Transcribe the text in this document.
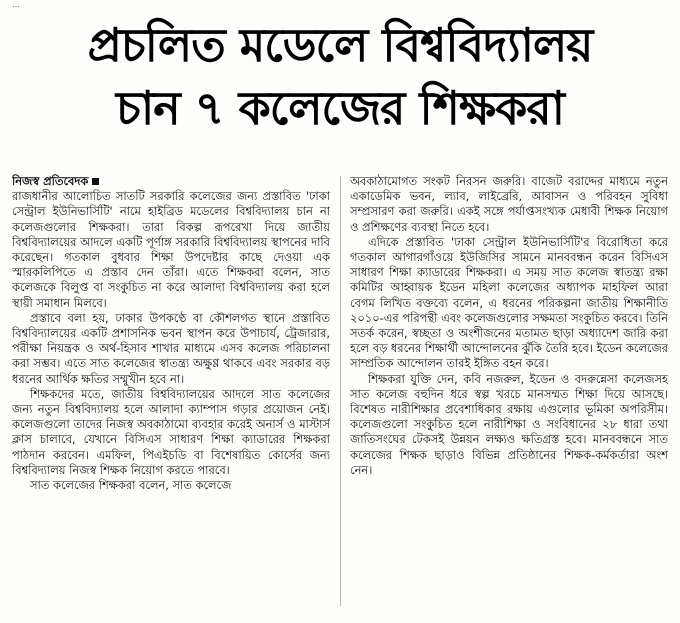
…
প্রচলিত মডেলে বিশ্ববিদ্যালয়
চান ৭ কলেজের শিক্ষকরা

নিজস্ব প্রতিবেদক

রাজধানীর আলোচিত সাতটি সরকারি কলেজের জন্য প্রস্তাবিত 'ঢাকা সেন্ট্রাল ইউনিভার্সিটি' নামে হাইব্রিড মডেলের বিশ্ববিদ্যালয় চান না কলেজগুলোর শিক্ষকরা। তারা বিকল্প রূপরেখা দিয়ে জাতীয় বিশ্ববিদ্যালয়ের আদলে একটি পূর্ণাঙ্গ সরকারি বিশ্ববিদ্যালয় স্থাপনের দাবি করেছেন। গতকাল বুধবার শিক্ষা উপদেষ্টার কাছে দেওয়া এক স্মারকলিপিতে এ প্রস্তাব দেন তাঁরা। এতে শিক্ষকরা বলেন, সাত কলেজকে বিলুপ্ত বা সংকুচিত না করে আলাদা বিশ্ববিদ্যালয় করা হলে স্থায়ী সমাধান মিলবে।

প্রস্তাবে বলা হয়, ঢাকার উপকণ্ঠে বা কৌশলগত স্থানে প্রস্তাবিত বিশ্ববিদ্যালয়ের একটি প্রশাসনিক ভবন স্থাপন করে উপাচার্য, ট্রেজারার, পরীক্ষা নিয়ন্ত্রক ও অর্থ-হিসাব শাখার মাধ্যমে এসব কলেজ পরিচালনা করা সম্ভব। এতে সাত কলেজের স্বাতন্ত্র্য অক্ষুণ্ণ থাকবে এবং সরকার বড় ধরনের আর্থিক ক্ষতির সম্মুখীন হবে না।

শিক্ষকদের মতে, জাতীয় বিশ্ববিদ্যালয়ের আদলে সাত কলেজের জন্য নতুন বিশ্ববিদ্যালয় হলে আলাদা ক্যাম্পাস গড়ার প্রয়োজন নেই। কলেজগুলো তাদের নিজস্ব অবকাঠামো ব্যবহার করেই অনার্স ও মাস্টার্স ক্লাস চালাবে, যেখানে বিসিএস সাধারণ শিক্ষা ক্যাডারের শিক্ষকরা পাঠদান করবেন। এমফিল, পিএইচডি বা বিশেষায়িত কোর্সের জন্য বিশ্ববিদ্যালয় নিজস্ব শিক্ষক নিয়োগ করতে পারবে।

সাত কলেজের শিক্ষকরা বলেন, সাত কলেজে

অবকাঠামোগত সংকট নিরসন জরুরি। বাজেট বরাদ্দের মাধ্যমে নতুন একাডেমিক ভবন, ল্যাব, লাইব্রেরি, আবাসন ও পরিবহন সুবিধা সম্প্রসারণ করা জরুরি। একই সঙ্গে পর্যাপ্তসংখ্যক মেধাবী শিক্ষক নিয়োগ ও প্রশিক্ষণের ব্যবস্থা নিতে হবে।

এদিকে প্রস্তাবিত 'ঢাকা সেন্ট্রাল ইউনিভার্সিটি'র বিরোধিতা করে গতকাল আগারগাঁওয়ে ইউজিসির সামনে মানববন্ধন করেন বিসিএস সাধারণ শিক্ষা ক্যাডারের শিক্ষকরা। এ সময় সাত কলেজ স্বাতন্ত্র্য রক্ষা কমিটির আহ্বায়ক ইডেন মহিলা কলেজের অধ্যাপক মাহফিল আরা বেগম লিখিত বক্তব্যে বলেন, এ ধরনের পরিকল্পনা জাতীয় শিক্ষানীতি ২০১০-এর পরিপন্থী এবং কলেজগুলোর সক্ষমতা সংকুচিত করবে। তিনি সতর্ক করেন, স্বচ্ছতা ও অংশীজনের মতামত ছাড়া অধ্যাদেশ জারি করা হলে বড় ধরনের শিক্ষার্থী আন্দোলনের ঝুঁকি তৈরি হবে। ইডেন কলেজের সাম্প্রতিক আন্দোলন তারই ইঙ্গিত বহন করে।

শিক্ষকরা যুক্তি দেন, কবি নজরুল, ইডেন ও বদরুন্নেসা কলেজসহ সাত কলেজ বহুদিন ধরে স্বল্প খরচে মানসম্মত শিক্ষা দিয়ে আসছে। বিশেষত নারীশিক্ষার প্রবেশাধিকার রক্ষায় এগুলোর ভূমিকা অপরিসীম। কলেজগুলো সংকুচিত হলে নারীশিক্ষা ও সংবিধানের ২৮ ধারা তথা জাতিসংঘের টেকসই উন্নয়ন লক্ষ্যও ক্ষতিগ্রস্ত হবে। মানববন্ধনে সাত কলেজের শিক্ষক ছাড়াও বিভিন্ন প্রতিষ্ঠানের শিক্ষক-কর্মকর্তারা অংশ নেন।
